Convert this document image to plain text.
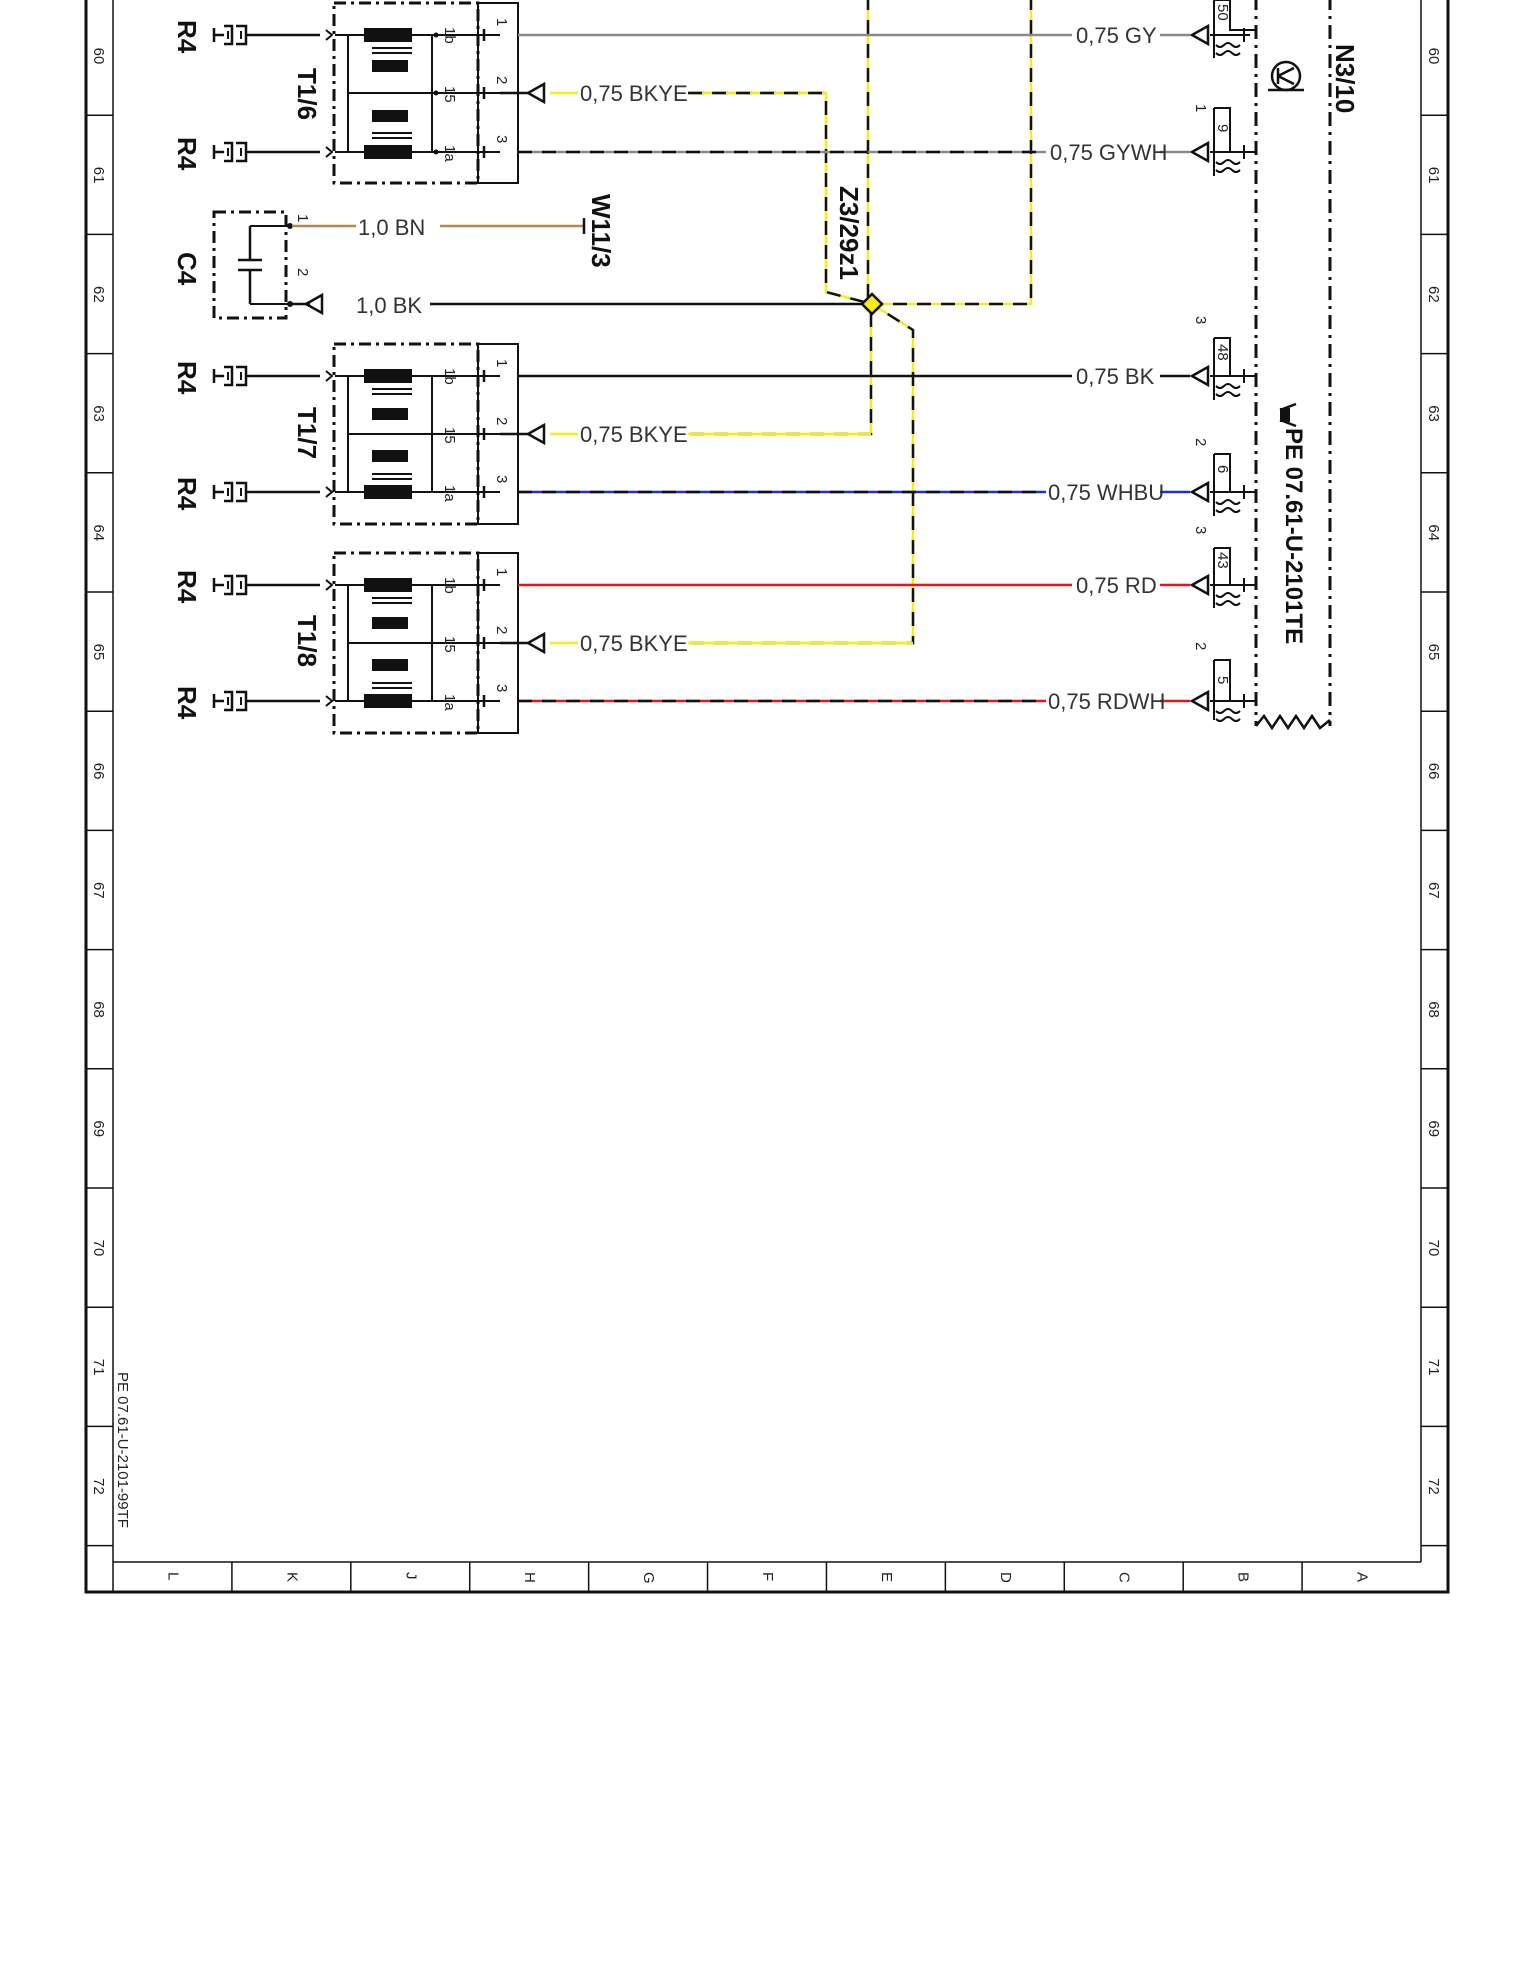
60	60
61	61
62	62
63	63
64	64
65	65
66	66
67	67
68	68
69	69
70	70
71	71
72	72
L	K	J	H	G	F	E	D	C	B	A
PE 07.61-U-2101-99TF
Z3/29z1
R4
R4
T1/6
1b
15
1a
1
2
3
0,75 GY
0,75 BKYE
0,75 GYWH
C4
1
2
1,0 BN	W11/3
1,0 BK
R4
R4
T1/7
1b
15
1a
1
2
3
0,75 BK
0,75 BKYE
0,75 WHBU
R4
R4
T1/8
1b
15
1a
1
2
3
0,75 RD
0,75 BKYE
0,75 RDWH
N3/10
PE 07.61-U-2101TE
50
9
48
6
43
5
1
3
2
3
2
